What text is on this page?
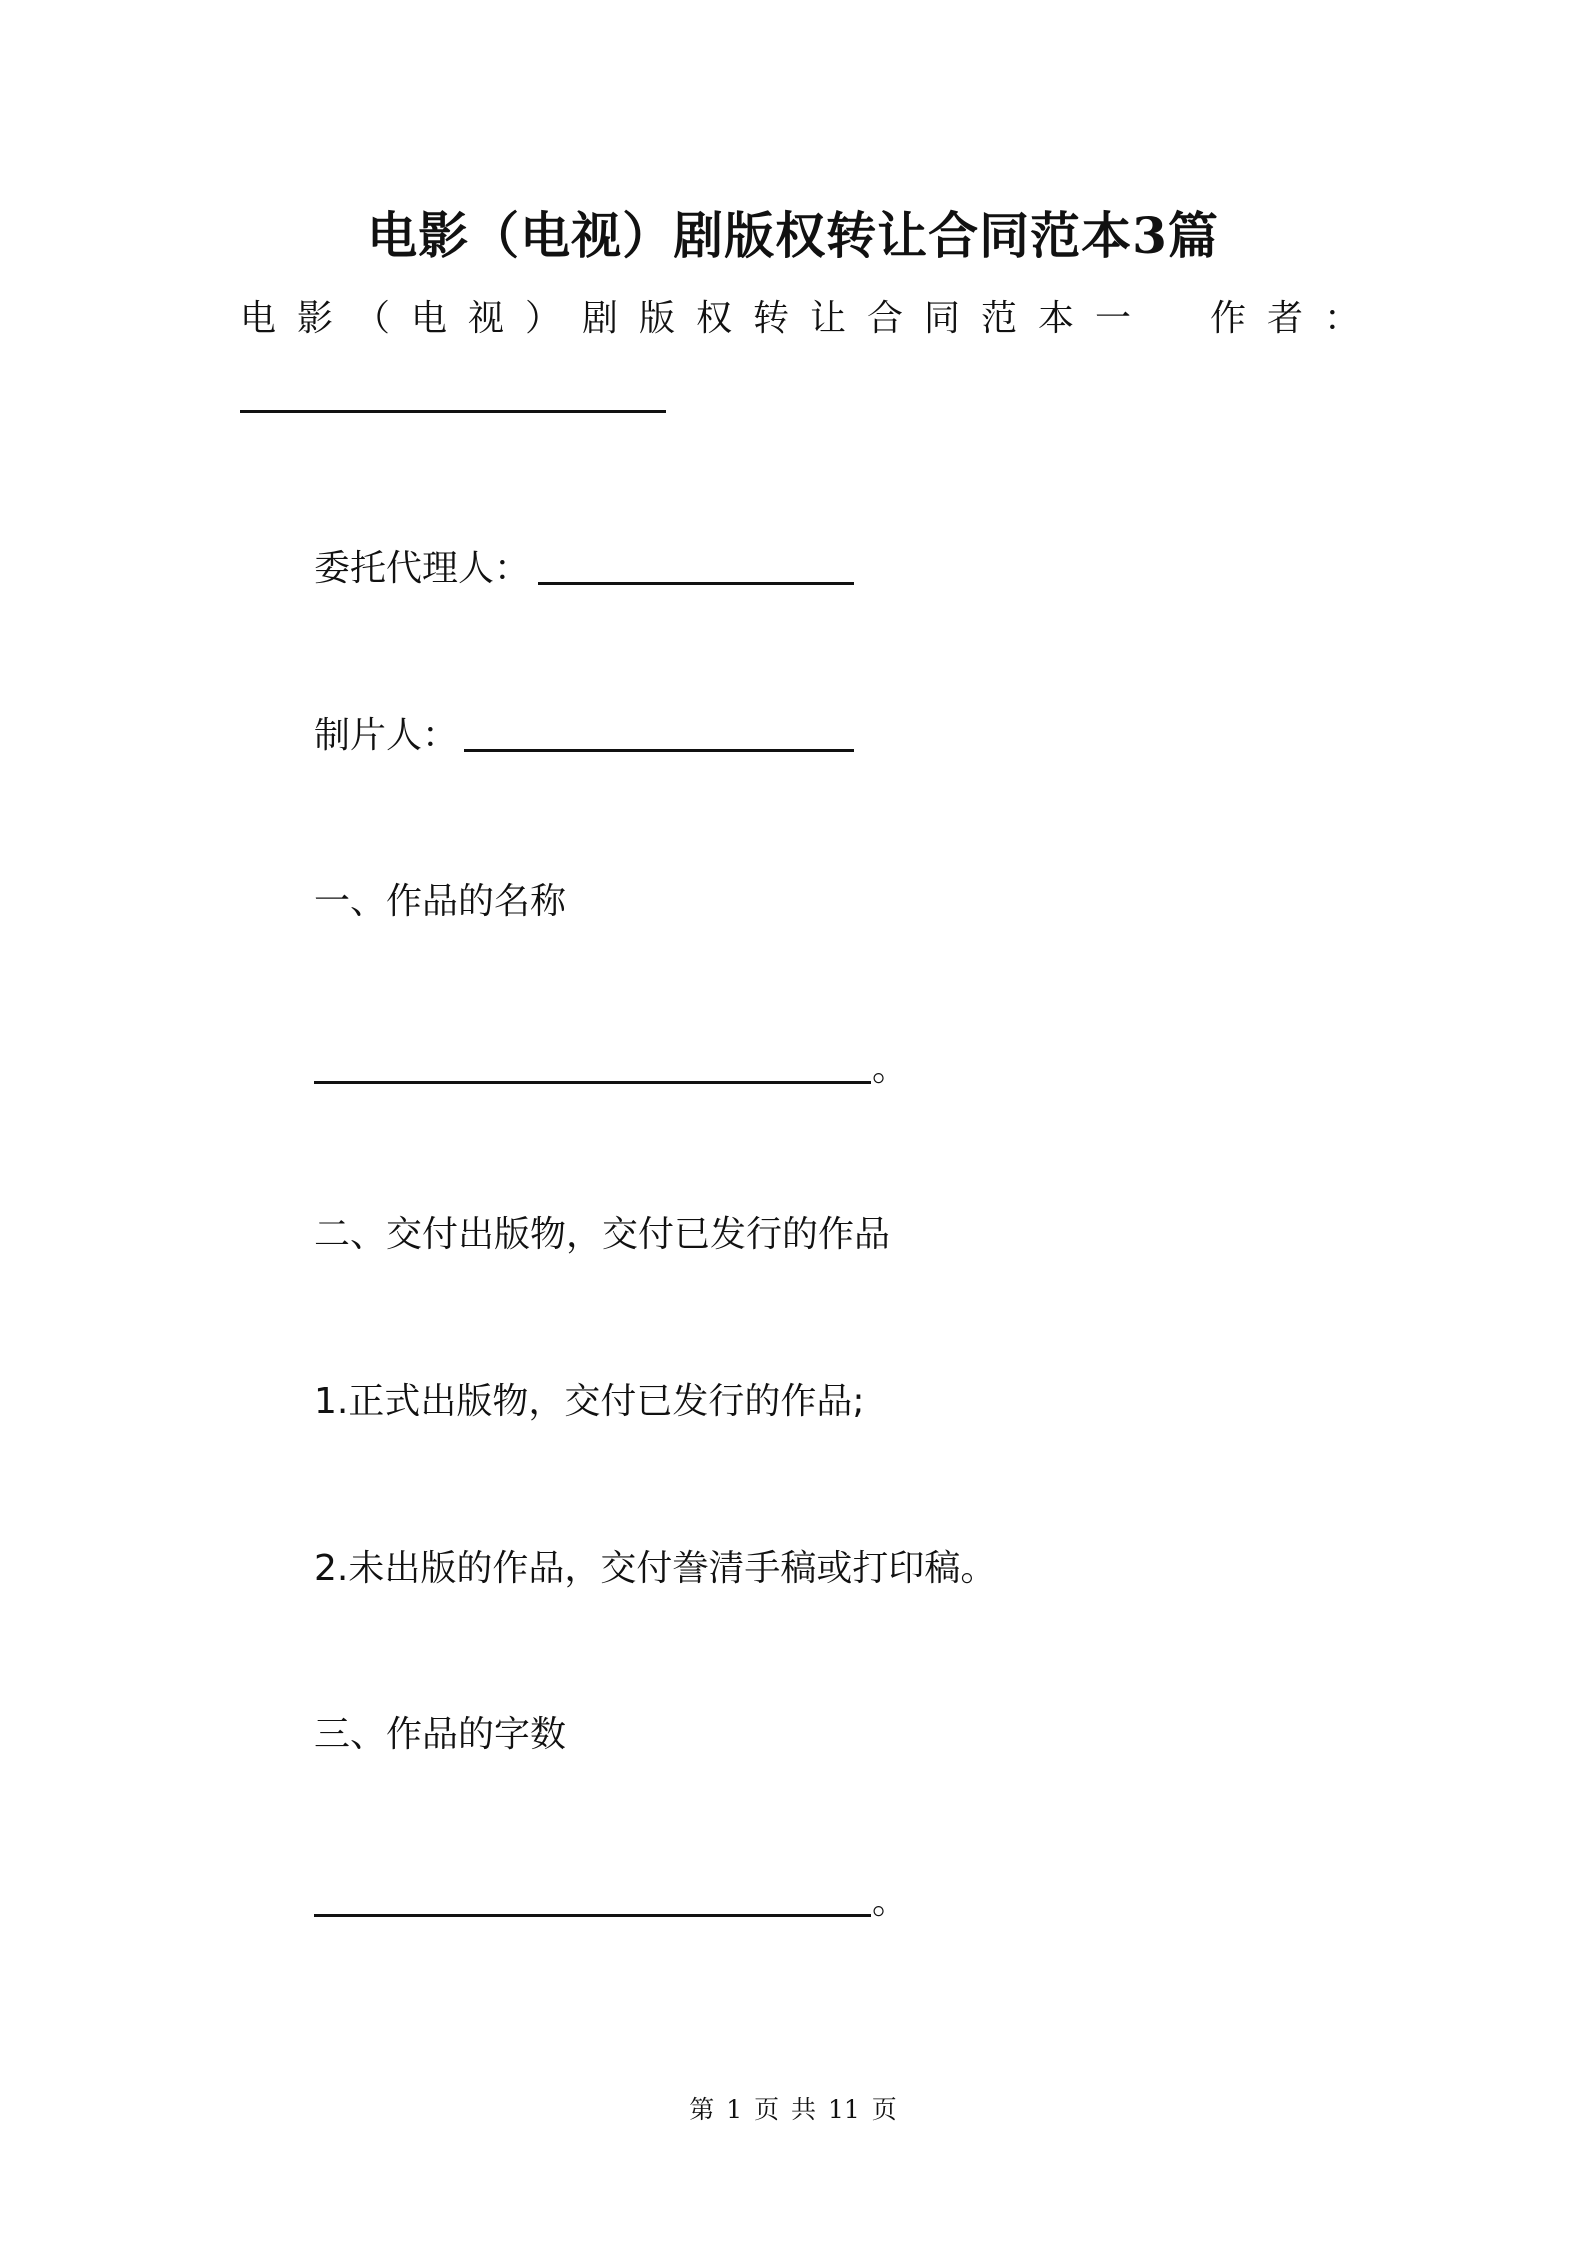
电影（电视）剧版权转让合同范本3篇
电影（电视）剧版权转让合同范本一 作者：
委托代理人：
制片人：
一、作品的名称
。
二、交付出版物，交付已发行的作品
1.正式出版物，交付已发行的作品;
2.未出版的作品，交付誊清手稿或打印稿。
三、作品的字数
。
第 1 页 共 11 页
